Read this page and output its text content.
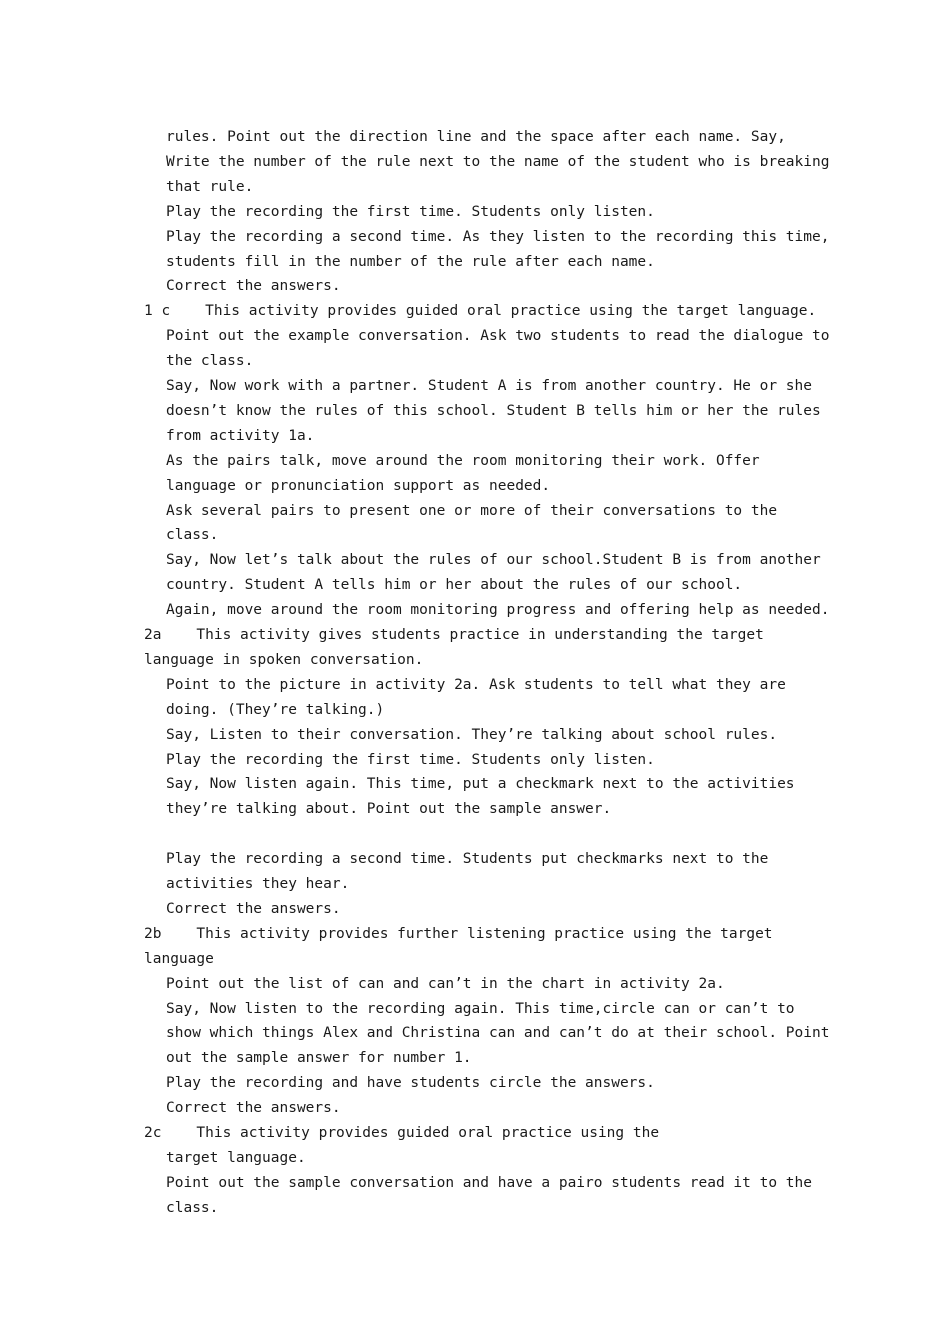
rules. Point out the direction line and the space after each name. Say,
Write the number of the rule next to the name of the student who is breaking
that rule.
Play the recording the first time. Students only listen.
Play the recording a second time. As they listen to the recording this time,
students fill in the number of the rule after each name.
Correct the answers.
1 c    This activity provides guided oral practice using the target language.
Point out the example conversation. Ask two students to read the dialogue to
the class.
Say, Now work with a partner. Student A is from another country. He or she
doesn’t know the rules of this school. Student B tells him or her the rules
from activity 1a.
As the pairs talk, move around the room monitoring their work. Offer
language or pronunciation support as needed.
Ask several pairs to present one or more of their conversations to the
class.
Say, Now let’s talk about the rules of our school.Student B is from another
country. Student A tells him or her about the rules of our school.
Again, move around the room monitoring progress and offering help as needed.
2a    This activity gives students practice in understanding the target
language in spoken conversation.
Point to the picture in activity 2a. Ask students to tell what they are
doing. (They’re talking.)
Say, Listen to their conversation. They’re talking about school rules.
Play the recording the first time. Students only listen.
Say, Now listen again. This time, put a checkmark next to the activities
they’re talking about. Point out the sample answer.
Play the recording a second time. Students put checkmarks next to the
activities they hear.
Correct the answers.
2b    This activity provides further listening practice using the target
language
Point out the list of can and can’t in the chart in activity 2a.
Say, Now listen to the recording again. This time,circle can or can’t to
show which things Alex and Christina can and can’t do at their school. Point
out the sample answer for number 1.
Play the recording and have students circle the answers.
Correct the answers.
2c    This activity provides guided oral practice using the
target language.
Point out the sample conversation and have a pairo students read it to the
class.
